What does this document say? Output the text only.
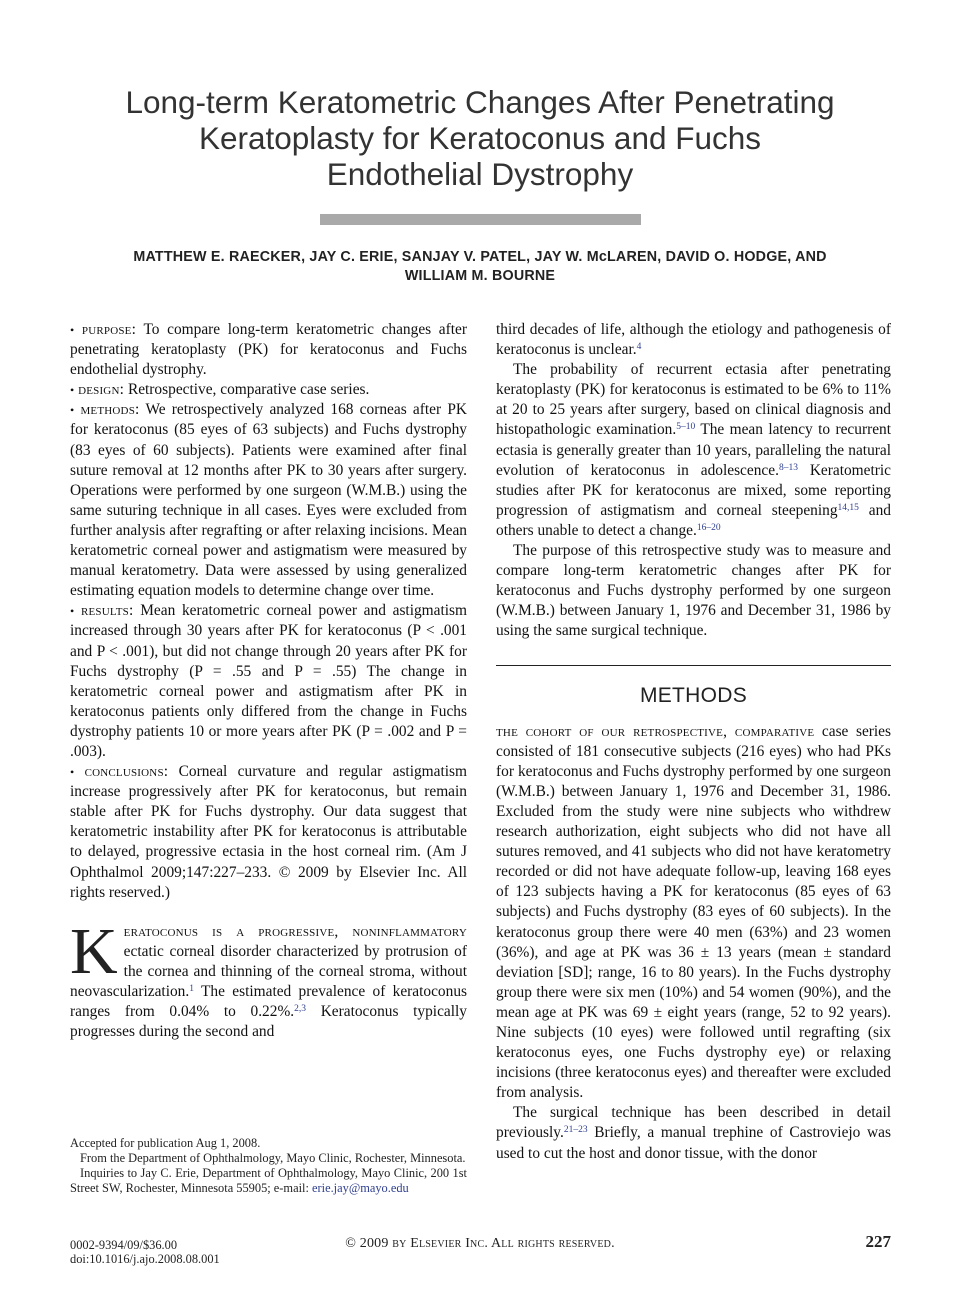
Long-term Keratometric Changes After Penetrating
Keratoplasty for Keratoconus and Fuchs
Endothelial Dystrophy
MATTHEW E. RAECKER, JAY C. ERIE, SANJAY V. PATEL, JAY W. McLAREN, DAVID O. HODGE, AND
WILLIAM M. BOURNE

• purpose: To compare long-term keratometric changes after penetrating keratoplasty (PK) for keratoconus and Fuchs endothelial dystrophy.

• design: Retrospective, comparative case series.

• methods: We retrospectively analyzed 168 corneas after PK for keratoconus (85 eyes of 63 subjects) and Fuchs dystrophy (83 eyes of 60 subjects). Patients were examined after final suture removal at 12 months after PK to 30 years after surgery. Operations were performed by one surgeon (W.M.B.) using the same suturing technique in all cases. Eyes were excluded from further analysis after regrafting or after relaxing incisions. Mean keratometric corneal power and astigmatism were measured by manual keratometry. Data were assessed by using generalized estimating equation models to determine change over time.

• results: Mean keratometric corneal power and astigmatism increased through 30 years after PK for keratoconus (P < .001 and P < .001), but did not change through 20 years after PK for Fuchs dystrophy (P = .55 and P = .55) The change in keratometric corneal power and astigmatism after PK in keratoconus patients only differed from the change in Fuchs dystrophy patients 10 or more years after PK (P = .002 and P = .003).

• conclusions: Corneal curvature and regular astigmatism increase progressively after PK for keratoconus, but remain stable after PK for Fuchs dystrophy. Our data suggest that keratometric instability after PK for keratoconus is attributable to delayed, progressive ectasia in the host corneal rim. (Am J Ophthalmol 2009;147:227–233. © 2009 by Elsevier Inc. All rights reserved.)

Keratoconus is a progressive, noninflammatory ectatic corneal disorder characterized by protrusion of the cornea and thinning of the corneal stroma, without neovascularization.$^1$ The estimated prevalence of keratoconus ranges from 0.04% to 0.22%.$^{2,3}$ Keratoconus typically progresses during the second and

third decades of life, although the etiology and pathogenesis of keratoconus is unclear.$^4$

The probability of recurrent ectasia after penetrating keratoplasty (PK) for keratoconus is estimated to be 6% to 11% at 20 to 25 years after surgery, based on clinical diagnosis and histopathologic examination.$^{5-10}$ The mean latency to recurrent ectasia is generally greater than 10 years, paralleling the natural evolution of keratoconus in adolescence.$^{8-13}$ Keratometric studies after PK for keratoconus are mixed, some reporting progression of astigmatism and corneal steepening$^{14,15}$ and others unable to detect a change.$^{16-20}$

The purpose of this retrospective study was to measure and compare long-term keratometric changes after PK for keratoconus and Fuchs dystrophy performed by one surgeon (W.M.B.) between January 1, 1976 and December 31, 1986 by using the same surgical technique.

METHODS

the cohort of our retrospective, comparative case series consisted of 181 consecutive subjects (216 eyes) who had PKs for keratoconus and Fuchs dystrophy performed by one surgeon (W.M.B.) between January 1, 1976 and December 31, 1986. Excluded from the study were nine subjects who withdrew research authorization, eight subjects who did not have all sutures removed, and 41 subjects who did not have keratometry recorded or did not have adequate follow-up, leaving 168 eyes of 123 subjects having a PK for keratoconus (85 eyes of 63 subjects) and Fuchs dystrophy (83 eyes of 60 subjects). In the keratoconus group there were 40 men (63%) and 23 women (36%), and age at PK was 36 ± 13 years (mean ± standard deviation [SD]; range, 16 to 80 years). In the Fuchs dystrophy group there were six men (10%) and 54 women (90%), and the mean age at PK was 69 ± eight years (range, 52 to 92 years). Nine subjects (10 eyes) were followed until regrafting (six keratoconus eyes, one Fuchs dystrophy eye) or relaxing incisions (three keratoconus eyes) and thereafter were excluded from analysis.

The surgical technique has been described in detail previously.$^{21-23}$ Briefly, a manual trephine of Castroviejo was used to cut the host and donor tissue, with the donor

Accepted for publication Aug 1, 2008.

From the Department of Ophthalmology, Mayo Clinic, Rochester, Minnesota.

Inquiries to Jay C. Erie, Department of Ophthalmology, Mayo Clinic, 200 1st Street SW, Rochester, Minnesota 55905; e-mail: erie.jay@mayo.edu

0002-9394/09/$36.00
doi:10.1016/j.ajo.2008.08.001
© 2009 by Elsevier Inc. All rights reserved.	227
